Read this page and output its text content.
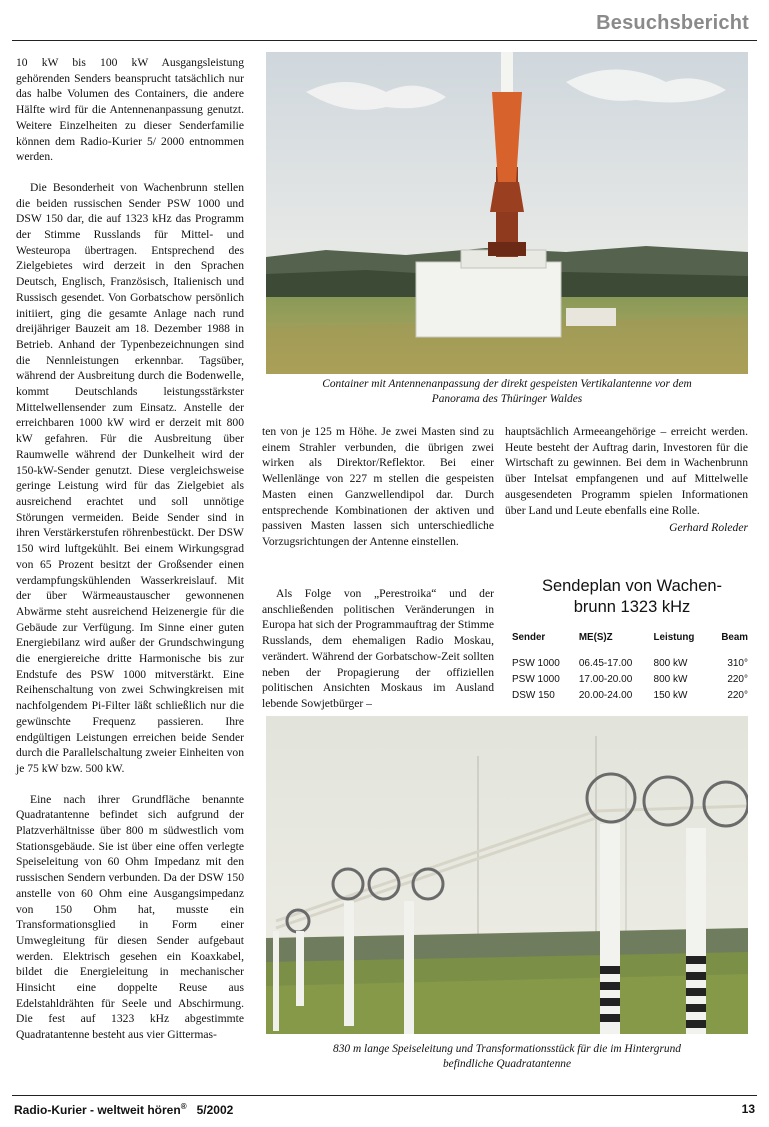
Besuchsbericht

10 kW bis 100 kW Ausgangsleistung gehörenden Senders beansprucht tatsächlich nur das halbe Volumen des Containers, die andere Hälfte wird für die Antennenanpassung genutzt. Weitere Einzelheiten zu dieser Senderfamilie können dem Radio-Kurier 5/ 2000 entnommen werden.

Die Besonderheit von Wachenbrunn stellen die beiden russischen Sender PSW 1000 und DSW 150 dar, die auf 1323 kHz das Programm der Stimme Russlands für Mittel- und Westeuropa übertragen. Entsprechend des Zielgebietes wird derzeit in den Sprachen Deutsch, Englisch, Französisch, Italienisch und Russisch gesendet. Von Gorbatschow persönlich initiiert, ging die gesamte Anlage nach rund dreijähriger Bauzeit am 18. Dezember 1988 in Betrieb. Anhand der Typenbezeichnungen sind die Nennleistungen erkennbar. Tagsüber, während der Ausbreitung durch die Bodenwelle, kommt Deutschlands leistungsstärkster Mittelwellensender zum Einsatz. Anstelle der erreichbaren 1000 kW wird er derzeit mit 800 kW gefahren. Für die Ausbreitung über Raumwelle während der Dunkelheit wird der 150-kW-Sender genutzt. Diese vergleichsweise geringe Leistung wird für das Zielgebiet als ausreichend erachtet und soll unnötige Störungen vermeiden. Beide Sender sind in ihren Verstärkerstufen röhrenbestückt. Der DSW 150 wird luftgekühlt. Bei einem Wirkungsgrad von 65 Prozent besitzt der Großsender einen verdampfungskühlenden Wasserkreislauf. Mit der über Wärmeaustauscher gewonnenen Abwärme steht ausreichend Heizenergie für die Gebäude zur Verfügung. Im Sinne einer guten Energiebilanz wird außer der Grundschwingung die energiereiche dritte Harmonische bis zur Endstufe des PSW 1000 mitverstärkt. Eine Reihenschaltung von zwei Schwingkreisen mit nachfolgendem Pi-Filter läßt schließlich nur die gewünschte Frequenz passieren. Ihre endgültigen Leistungen erreichen beide Sender durch die Parallelschaltung zweier Einheiten von je 75 kW bzw. 500 kW.

Eine nach ihrer Grundfläche benannte Quadratantenne befindet sich aufgrund der Platzverhältnisse über 800 m südwestlich vom Stationsgebäude. Sie ist über eine offen verlegte Speiseleitung von 60 Ohm Impedanz mit den russischen Sendern verbunden. Da der DSW 150 anstelle von 60 Ohm eine Ausgangsimpedanz von 150 Ohm hat, musste ein Transformationsglied in Form einer Umwegleitung für diesen Sender aufgebaut werden. Elektrisch gesehen ein Koaxkabel, bildet die Energieleitung in mechanischer Hinsicht eine doppelte Reuse aus Edelstahldrähten für Seele und Abschirmung. Die fest auf 1323 kHz abgestimmte Quadratantenne besteht aus vier Gittermas-

Container mit Antennenanpassung der direkt gespeisten Vertikalantenne vor dem
Panorama des Thüringer Waldes

ten von je 125 m Höhe. Je zwei Masten sind zu einem Strahler verbunden, die übrigen zwei wirken als Direktor/Reflektor. Bei einer Wellenlänge von 227 m stellen die gespeisten Masten einen Ganzwellendipol dar. Durch entsprechende Kombinationen der aktiven und passiven Masten lassen sich unterschiedliche Vorzugsrichtungen der Antenne einstellen.

Als Folge von „Perestroika“ und der anschließenden politischen Veränderungen in Europa hat sich der Programmauftrag der Stimme Russlands, dem ehemaligen Radio Moskau, verändert. Während der Gorbatschow-Zeit sollten neben der Propagierung der offiziellen politischen Ansichten Moskaus im Ausland lebende Sowjetbürger –

hauptsächlich Armeeangehörige – erreicht werden. Heute besteht der Auftrag darin, Investoren für die Wirtschaft zu gewinnen. Bei dem in Wachenbrunn über Intelsat empfangenen und auf Mittelwelle ausgesendeten Programm spielen Informationen über Land und Leute ebenfalls eine Rolle.

Gerhard Roleder
Sendeplan von Wachen-
brunn 1323 kHz
Sender	ME(S)Z	Leistung	Beam
PSW 1000	06.45-17.00	800 kW	310°
PSW 1000	17.00-20.00	800 kW	220°
DSW 150	20.00-24.00	150 kW	220°
830 m lange Speiseleitung und Transformationsstück für die im Hintergrund
befindliche Quadratantenne
Radio-Kurier - weltweit hören® 5/2002	13
